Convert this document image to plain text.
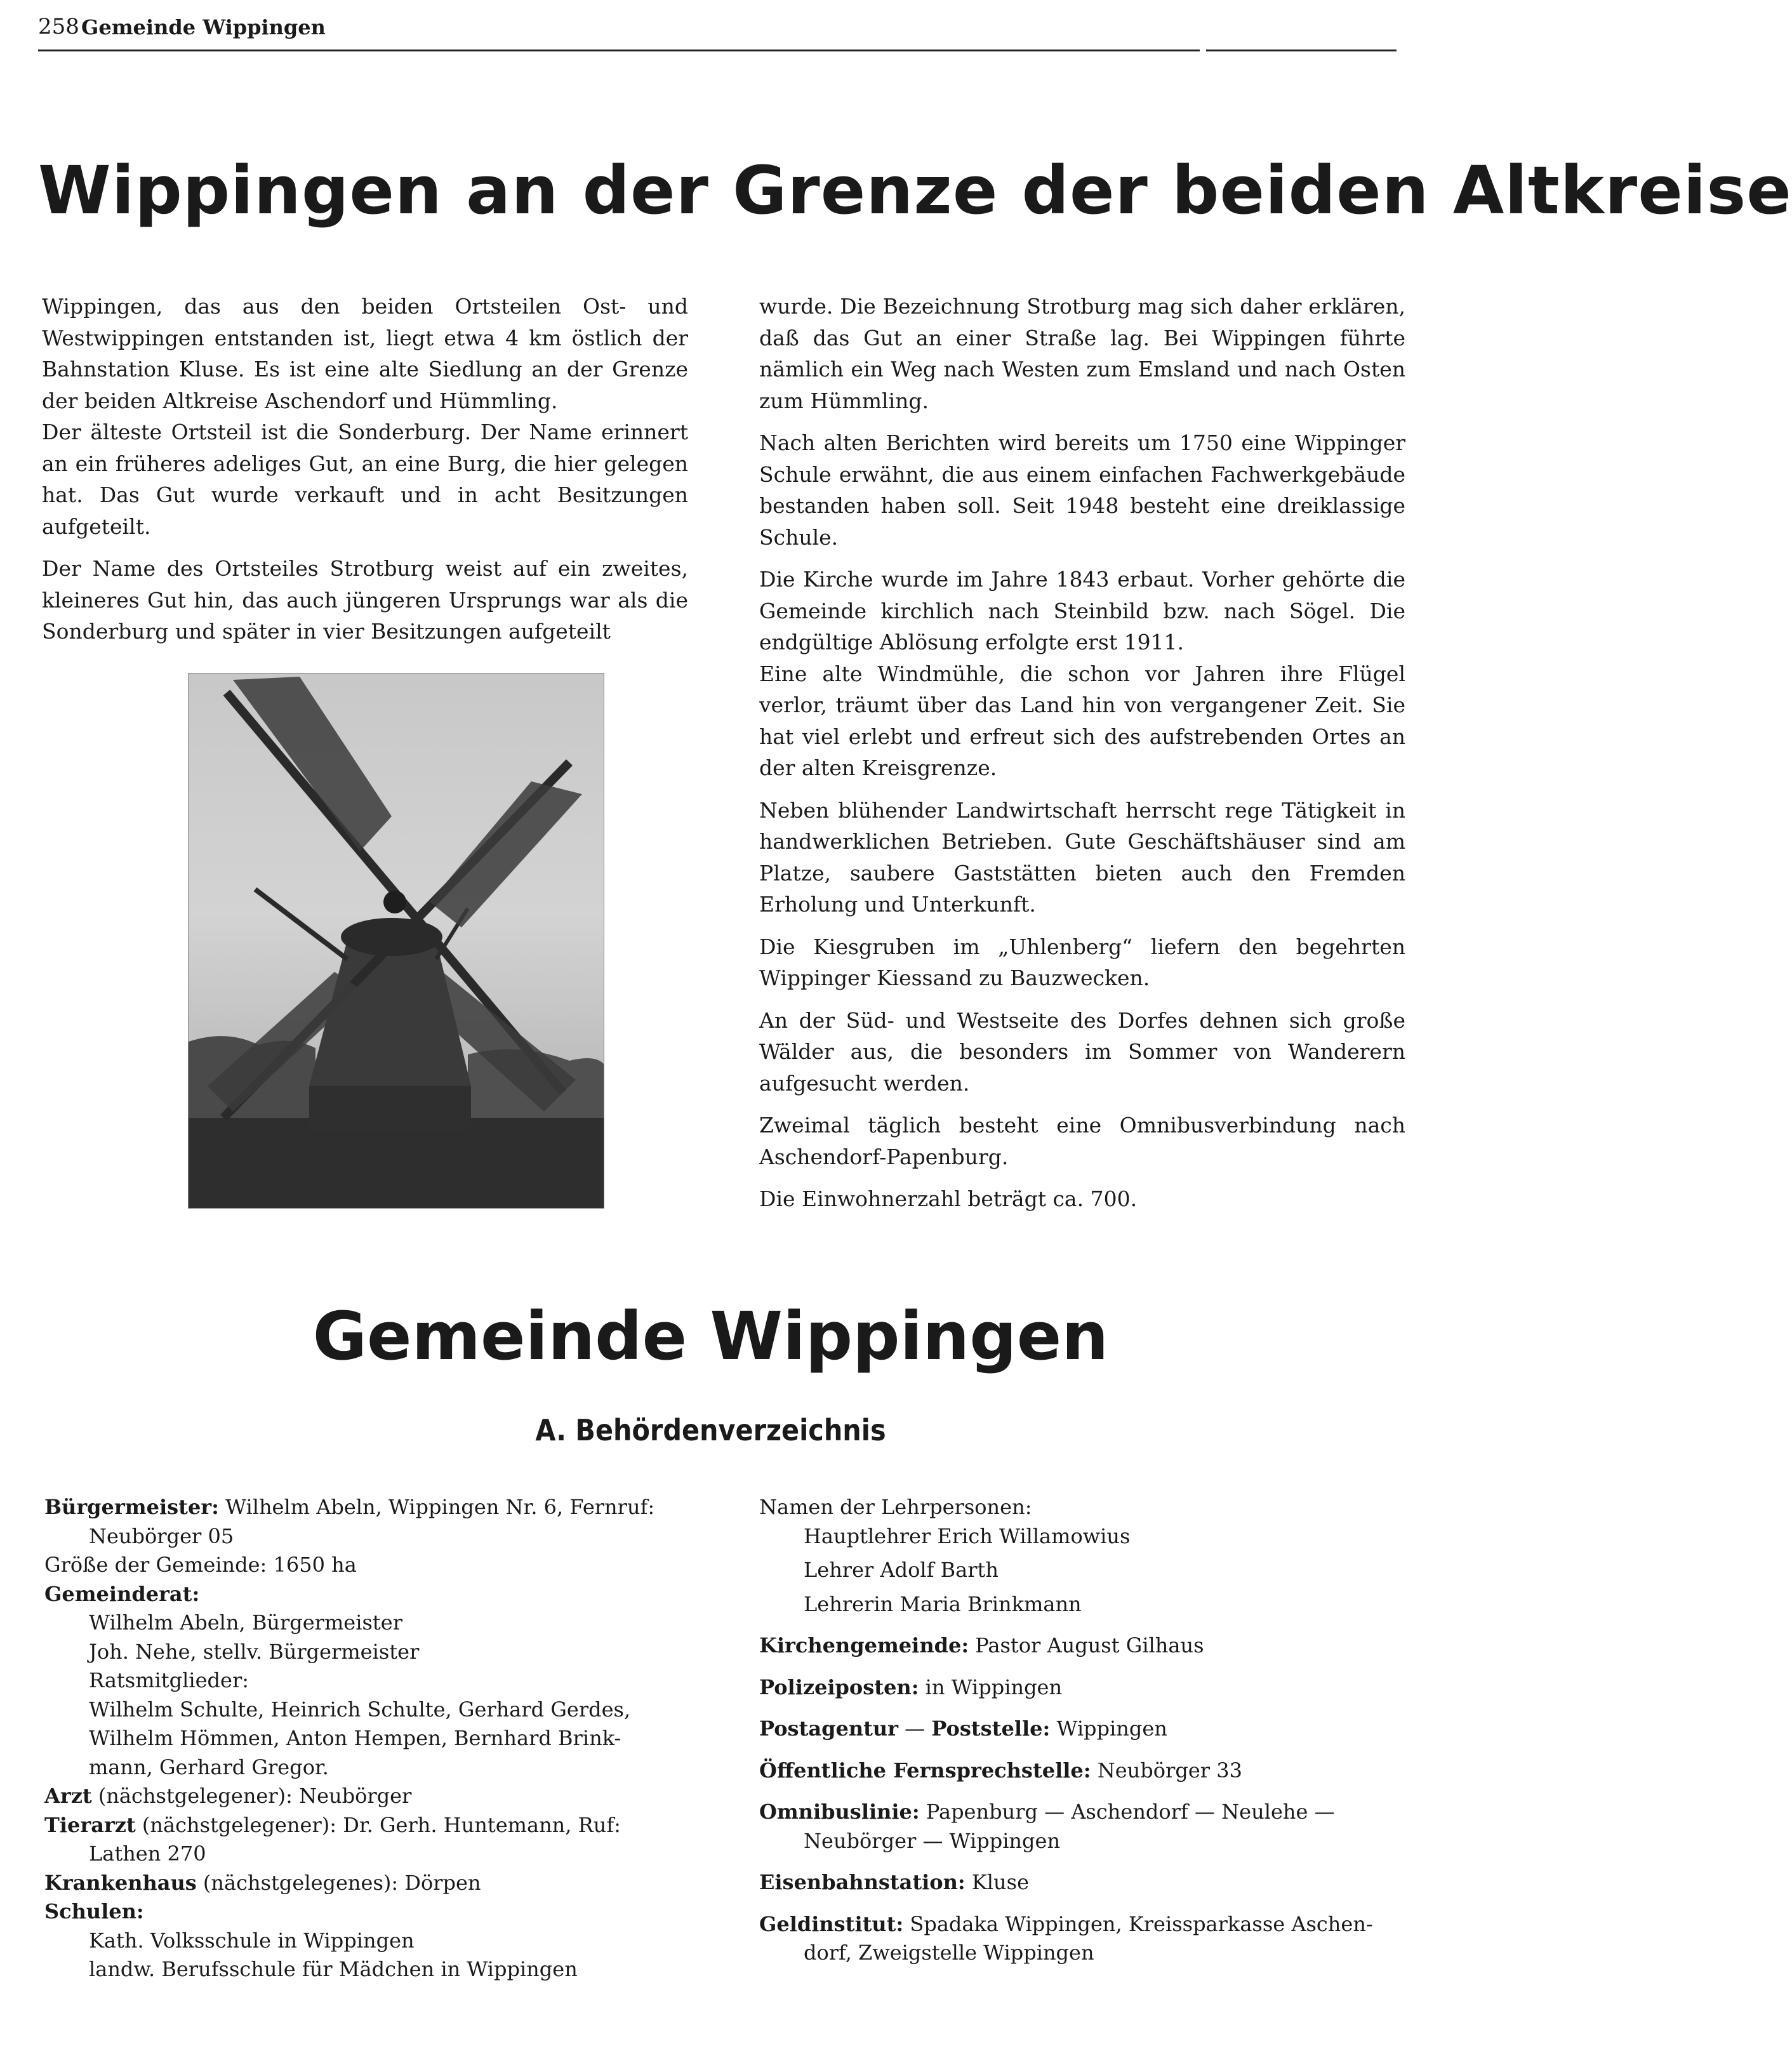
258 Gemeinde Wippingen
Wippingen an der Grenze der beiden Altkreise

Wippingen, das aus den beiden Ortsteilen Ost- und Westwippingen entstanden ist, liegt etwa 4 km östlich der Bahnstation Kluse. Es ist eine alte Siedlung an der Grenze der beiden Altkreise Aschendorf und Hümmling.
Der älteste Ortsteil ist die Sonderburg. Der Name erinnert an ein früheres adeliges Gut, an eine Burg, die hier gelegen hat. Das Gut wurde verkauft und in acht Besitzungen aufgeteilt.

Der Name des Ortsteiles Strotburg weist auf ein zweites, kleineres Gut hin, das auch jüngeren Ursprungs war als die Sonderburg und später in vier Besitzungen aufgeteilt

wurde. Die Bezeichnung Strotburg mag sich daher erklären, daß das Gut an einer Straße lag. Bei Wippingen führte nämlich ein Weg nach Westen zum Emsland und nach Osten zum Hümmling.

Nach alten Berichten wird bereits um 1750 eine Wippinger Schule erwähnt, die aus einem einfachen Fachwerkgebäude bestanden haben soll. Seit 1948 besteht eine dreiklassige Schule.

Die Kirche wurde im Jahre 1843 erbaut. Vorher gehörte die Gemeinde kirchlich nach Steinbild bzw. nach Sögel. Die endgültige Ablösung erfolgte erst 1911.
Eine alte Windmühle, die schon vor Jahren ihre Flügel verlor, träumt über das Land hin von vergangener Zeit. Sie hat viel erlebt und erfreut sich des aufstrebenden Ortes an der alten Kreisgrenze.

Neben blühender Landwirtschaft herrscht rege Tätigkeit in handwerklichen Betrieben. Gute Geschäftshäuser sind am Platze, saubere Gaststätten bieten auch den Fremden Erholung und Unterkunft.

Die Kiesgruben im „Uhlenberg“ liefern den begehrten Wippinger Kiessand zu Bauzwecken.

An der Süd- und Westseite des Dorfes dehnen sich große Wälder aus, die besonders im Sommer von Wanderern aufgesucht werden.

Zweimal täglich besteht eine Omnibusverbindung nach Aschendorf-Papenburg.

Die Einwohnerzahl beträgt ca. 700.

Gemeinde Wippingen
A. Behördenverzeichnis
Bürgermeister: Wilhelm Abeln, Wippingen Nr. 6, Fernruf:
Neubörger 05
Größe der Gemeinde: 1650 ha
Gemeinderat:
Wilhelm Abeln, Bürgermeister
Joh. Nehe, stellv. Bürgermeister
Ratsmitglieder:
Wilhelm Schulte, Heinrich Schulte, Gerhard Gerdes,
Wilhelm Hömmen, Anton Hempen, Bernhard Brink-
mann, Gerhard Gregor.
Arzt (nächstgelegener): Neubörger
Tierarzt (nächstgelegener): Dr. Gerh. Huntemann, Ruf:
Lathen 270
Krankenhaus (nächstgelegenes): Dörpen
Schulen:
Kath. Volksschule in Wippingen
landw. Berufsschule für Mädchen in Wippingen
Namen der Lehrpersonen:
Hauptlehrer Erich Willamowius
Lehrer Adolf Barth
Lehrerin Maria Brinkmann
Kirchengemeinde: Pastor August Gilhaus
Polizeiposten: in Wippingen
Postagentur — Poststelle: Wippingen
Öffentliche Fernsprechstelle: Neubörger 33
Omnibuslinie: Papenburg — Aschendorf — Neulehe —
Neubörger — Wippingen
Eisenbahnstation: Kluse
Geldinstitut: Spadaka Wippingen, Kreissparkasse Aschen-
dorf, Zweigstelle Wippingen
